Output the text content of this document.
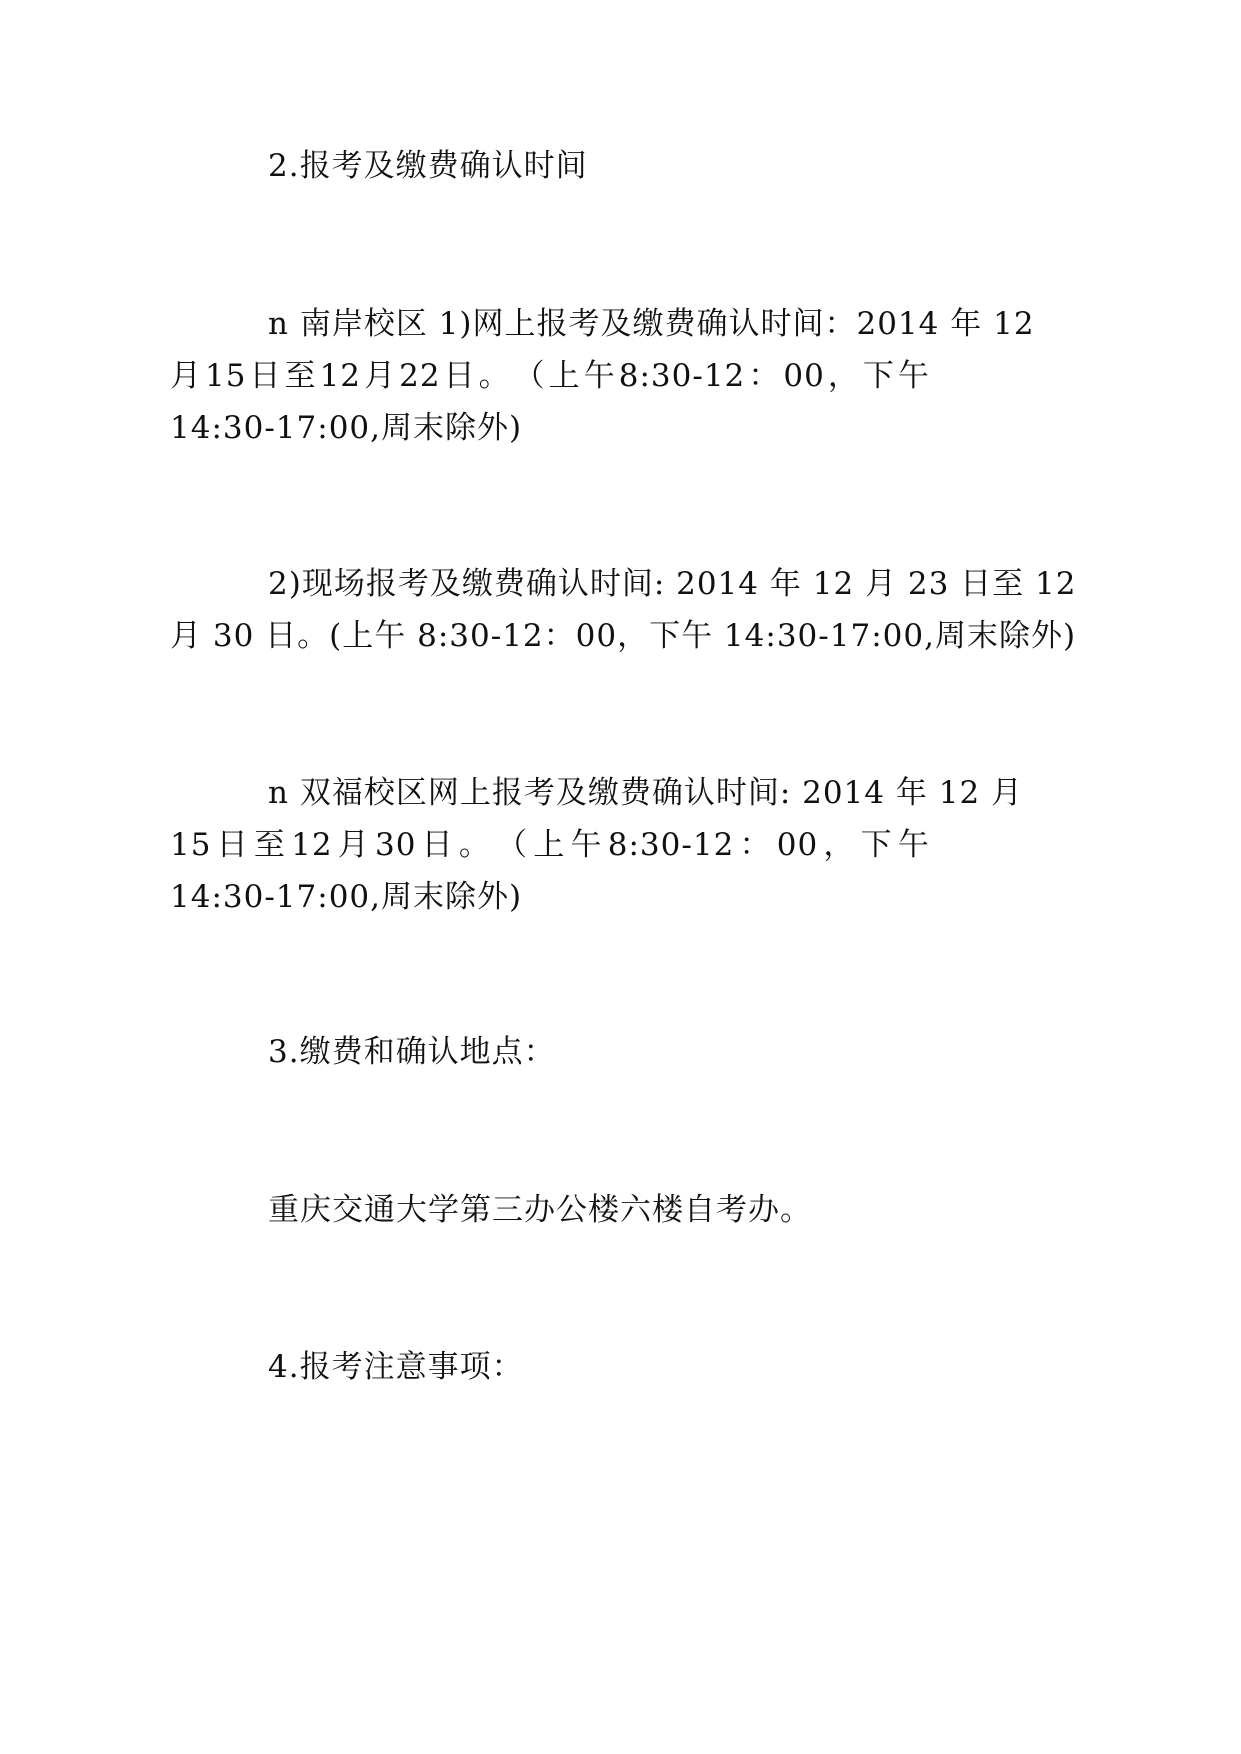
2.报考及缴费确认时间
n 南岸校区 1)网上报考及缴费确认时间：2014 年 12
月 15 日 至 12 月 22 日 。 （ 上 午 8:30-12 ： 00 ， 下 午
14:30-17:00,周末除外)
2)现场报考及缴费确认时间: 2014 年 12 月 23 日至 12
月 30 日。(上午 8:30-12：00，下午 14:30-17:00,周末除外)
n 双福校区网上报考及缴费确认时间: 2014 年 12 月
15 日 至 12 月 30 日 。 （ 上 午 8:30-12 ： 00 ， 下 午
14:30-17:00,周末除外)
3.缴费和确认地点：
重庆交通大学第三办公楼六楼自考办。
4.报考注意事项：
